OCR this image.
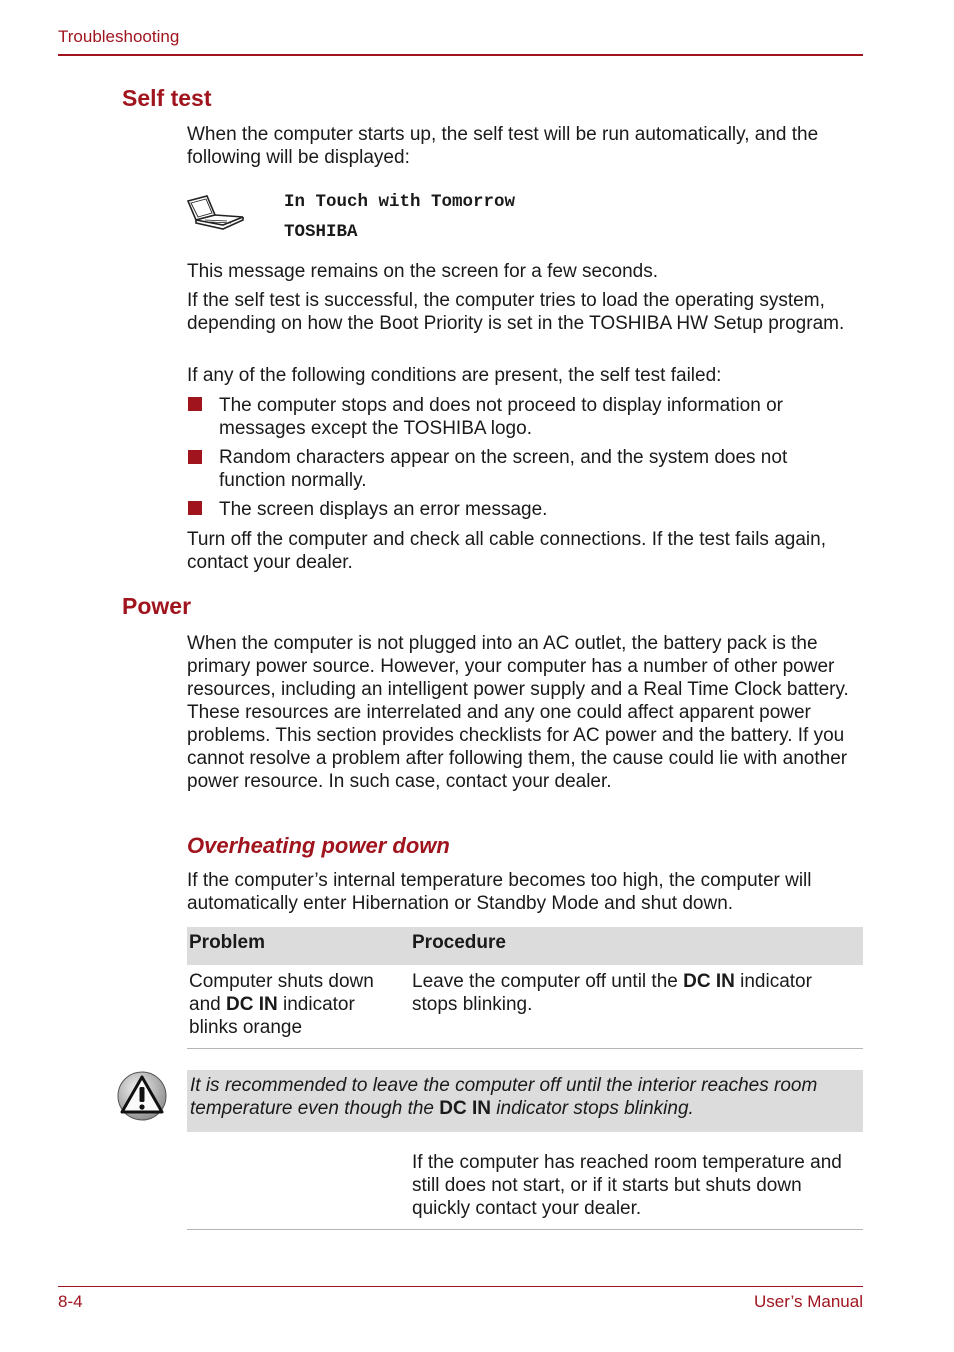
Troubleshooting
Self test
When the computer starts up, the self test will be run automatically, and the following will be displayed:
In Touch with Tomorrow
TOSHIBA
This message remains on the screen for a few seconds.
If the self test is successful, the computer tries to load the operating system, depending on how the Boot Priority is set in the TOSHIBA HW Setup program.
If any of the following conditions are present, the self test failed:
The computer stops and does not proceed to display information or messages except the TOSHIBA logo.
Random characters appear on the screen, and the system does not function normally.
The screen displays an error message.
Turn off the computer and check all cable connections. If the test fails again, contact your dealer.
Power
When the computer is not plugged into an AC outlet, the battery pack is the primary power source. However, your computer has a number of other power resources, including an intelligent power supply and a Real Time Clock battery. These resources are interrelated and any one could affect apparent power problems. This section provides checklists for AC power and the battery. If you cannot resolve a problem after following them, the cause could lie with another power resource. In such case, contact your dealer.
Overheating power down
If the computer’s internal temperature becomes too high, the computer will automatically enter Hibernation or Standby Mode and shut down.
Problem	Procedure
Computer shuts down and DC IN indicator blinks orange
Leave the computer off until the DC IN indicator stops blinking.
It is recommended to leave the computer off until the interior reaches room temperature even though the DC IN indicator stops blinking.
If the computer has reached room temperature and still does not start, or if it starts but shuts down quickly contact your dealer.
8-4	User’s Manual
